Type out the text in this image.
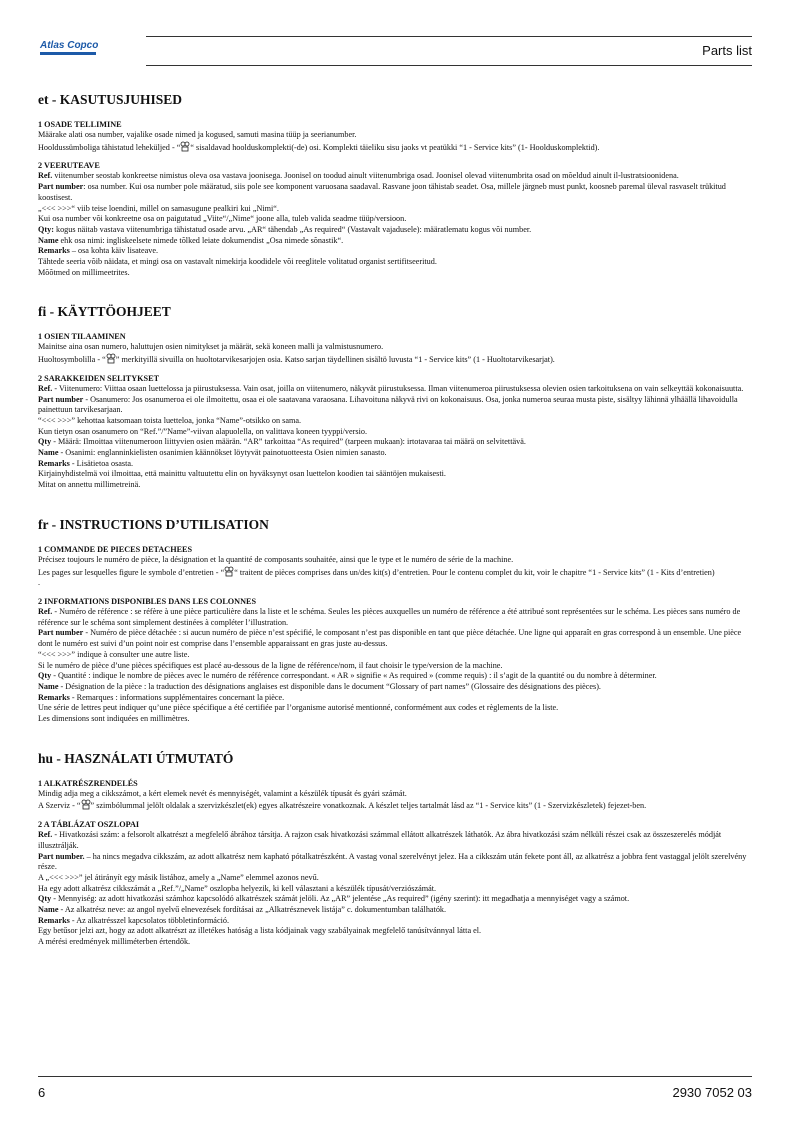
Atlas Copco	Parts list
et - KASUTUSJUHISED
1 OSADE TELLIMINE
Määrake alati osa number, vajalike osade nimed ja kogused, samuti masina tüüp ja seerianumber.
Hooldussümboliga tähistatud lehekülјed - “ “ sisaldavad hoolduskomplekti(-de) osi. Komplekti täieliku sisu jaoks vt peatükki “1 - Service kits” (1- Hoolduskomplektid).
2 VEERUTEAVE
Ref. viitenumber seostab konkreetse nimistus oleva osa vastava joonisega. Joonisel on toodud ainult viitenumbriga osad. Joonisel olevad viitenumbrita osad on mõeldud ainult il-lustratsioonidena.
Part number: osa number. Kui osa number pole määratud, siis pole see komponent varuosana saadaval. Rasvane joon tähistab seadet. Osa, millele järgneb must punkt, koosneb paremal üleval rasvaselt trükitud koostisest.
„<<< >>>“ viib teise loendini, millel on samasugune pealkiri kui „Nimi“.
Kui osa number või konkreetne osa on paigutatud „Viite“/„Nime“ joone alla, tuleb valida seadme tüüp/versioon.
Qty: kogus näitab vastava viitenumbriga tähistatud osade arvu. „AR“ tähendab „As required“ (Vastavalt vajadusele): määratlematu kogus või number.
Name ehk osa nimi: ingliskeelsete nimede tõlked leiate dokumendist „Osa nimede sõnastik“.
Remarks – osa kohta käiv lisateave.
Tähtede seeria võib näidata, et mingi osa on vastavalt nimekirja koodidele või reeglitele volitatud organist sertifitseeritud.
Mõõtmed on millimeetrites.
fi - KÄYTTÖOHJEET
1 OSIEN TILAAMINEN
Mainitse aina osan numero, haluttujen osien nimitykset ja määrät, sekä koneen malli ja valmistusnumero.
Huoltosymbolilla - “ ” merkityillä sivuilla on huoltotarvikesarjojen osia. Katso sarjan täydellinen sisältö luvusta “1 - Service kits” (1 - Huoltotarvikesarjat).
2 SARAKKEIDEN SELITYKSET
Ref. - Viitenumero: Viittaa osaan luettelossa ja piirustuksessa. Vain osat, joilla on viitenumero, näkyvät piirustuksessa. Ilman viitenumeroa piirustuksessa olevien osien tarkoituksena on vain selkeyttää kokonaisuutta.
Part number - Osanumero: Jos osanumeroa ei ole ilmoitettu, osaa ei ole saatavana varaosana. Lihavoituna näkyvä rivi on kokonaisuus. Osa, jonka numeroa seuraa musta piste, sisältyy lähinnä ylhäällä lihavoidulla painettuun tarvikesarjaan.
“<<< >>>” kehottaa katsomaan toista luetteloa, jonka “Name”-otsikko on sama.
Kun tietyn osan osanumero on “Ref.”/”Name”-viivan alapuolella, on valittava koneen tyyppi/versio.
Qty - Määrä: Ilmoittaa viitenumeroon liittyvien osien määrän. “AR” tarkoittaa “As required” (tarpeen mukaan): irtotavaraa tai määrä on selvitettävä.
Name - Osanimi: englanninkielisten osanimien käännökset löytyvät painotuotteesta Osien nimien sanasto.
Remarks - Lisätietoa osasta.
Kirjainyhdistelmä voi ilmoittaa, että mainittu valtuutettu elin on hyväksynyt osan luettelon koodien tai sääntöjen mukaisesti.
Mitat on annettu millimetreinä.
fr - INSTRUCTIONS D’UTILISATION
1 COMMANDE DE PIECES DETACHEES
Précisez toujours le numéro de pièce, la désignation et la quantité de composants souhaitée, ainsi que le type et le numéro de série de la machine.
Les pages sur lesquelles figure le symbole d’entretien - “ “ traitent de pièces comprises dans un/des kit(s) d’entretien. Pour le contenu complet du kit, voir le chapitre “1 - Service kits” (1 - Kits d’entretien)
.
2 INFORMATIONS DISPONIBLES DANS LES COLONNES
Ref. - Numéro de référence : se réfère à une pièce particulière dans la liste et le schéma. Seules les pièces auxquelles un numéro de référence a été attribué sont représentées sur le schéma. Les pièces sans numéro de référence sur le schéma sont simplement destinées à compléter l’illustration.
Part number - Numéro de pièce détachée : si aucun numéro de pièce n’est spécifié, le composant n’est pas disponible en tant que pièce détachée. Une ligne qui apparaît en gras correspond à un ensemble. Une pièce dont le numéro est suivi d’un point noir est comprise dans l’ensemble apparaissant en gras juste au-dessus.
“<<< >>>” indique à consulter une autre liste.
Si le numéro de pièce d’une pièces spécifiques est placé au-dessous de la ligne de référence/nom, il faut choisir le type/version de la machine.
Qty - Quantité : indique le nombre de pièces avec le numéro de référence correspondant. « AR » signifie « As required » (comme requis) : il s’agit de la quantité ou du nombre à déterminer.
Name - Désignation de la pièce : la traduction des désignations anglaises est disponible dans le document “Glossary of part names” (Glossaire des désignations des pièces).
Remarks - Remarques : informations supplémentaires concernant la pièce.
Une série de lettres peut indiquer qu’une pièce spécifique a été certifiée par l’organisme autorisé mentionné, conformément aux codes et règlements de la liste.
Les dimensions sont indiquées en millimètres.
hu - HASZNÁLATI ÚTMUTATÓ
1 ALKATRÉSZRENDELÉS
Mindig adja meg a cikkszámot, a kért elemek nevét és mennyiségét, valamint a készülék típusát és gyári számát.
A Szerviz - “ ” szimbólummal jelölt oldalak a szervizkészlet(ek) egyes alkatrészeire vonatkoznak. A készlet teljes tartalmát lásd az “1 - Service kits” (1 - Szervizkészletek) fejezet-ben.
2 A TÁBLÁZAT OSZLOPAI
Ref. - Hivatkozási szám: a felsorolt alkatrészt a megfelelő ábrához társítja. A rajzon csak hivatkozási számmal ellátott alkatrészek láthatók. Az ábra hivatkozási szám nélküli részei csak az összeszerelés módját illusztrálják.
Part number. – ha nincs megadva cikkszám, az adott alkatrész nem kapható pótalkatrészként. A vastag vonal szerelvényt jelez. Ha a cikkszám után fekete pont áll, az alkatrész a jobbra fent vastaggal jelölt szerelvény része.
A „<<< >>>” jel átirányít egy másik listához, amely a „Name” elemmel azonos nevű.
Ha egy adott alkatrész cikkszámát a „Ref.”/„Name” oszlopba helyezik, ki kell választani a készülék típusát/verziószámát.
Qty - Mennyiség: az adott hivatkozási számhoz kapcsolódó alkatrészek számát jelöli. Az „AR” jelentése „As required” (igény szerint): itt megadhatja a mennyiséget vagy a számot.
Name - Az alkatrész neve: az angol nyelvű elnevezések fordításai az „Alkatrésznevek listája” c. dokumentumban találhatók.
Remarks - Az alkatrésszel kapcsolatos többletinformáció.
Egy betűsor jelzi azt, hogy az adott alkatrészt az illetékes hatóság a lista kódjainak vagy szabályainak megfelelő tanúsítvánnyal látta el.
A mérési eredmények milliméterben értendők.
6	2930 7052 03
